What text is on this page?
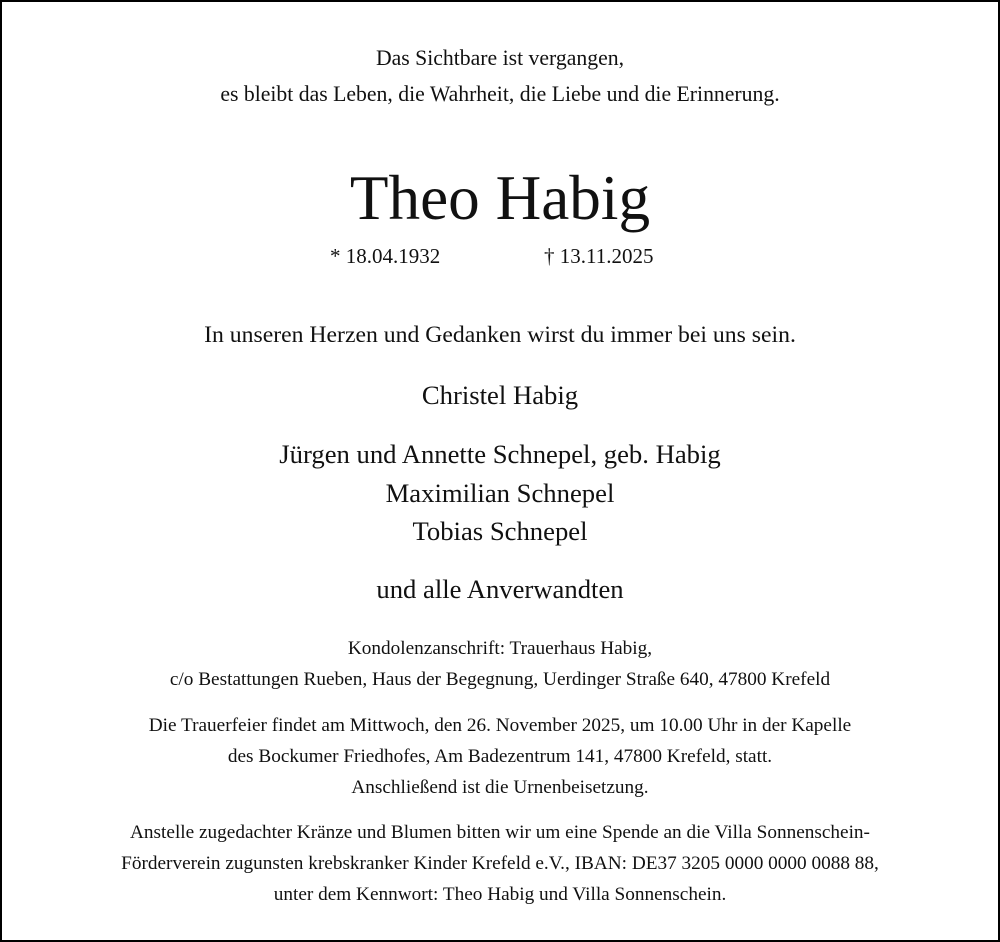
Das Sichtbare ist vergangen,
es bleibt das Leben, die Wahrheit, die Liebe und die Erinnerung.
Theo Habig
* 18.04.1932	† 13.11.2025
In unseren Herzen und Gedanken wirst du immer bei uns sein.
Christel Habig
Jürgen und Annette Schnepel, geb. Habig
Maximilian Schnepel
Tobias Schnepel
und alle Anverwandten
Kondolenzanschrift: Trauerhaus Habig,
c/o Bestattungen Rueben, Haus der Begegnung, Uerdinger Straße 640, 47800 Krefeld
Die Trauerfeier findet am Mittwoch, den 26. November 2025, um 10.00 Uhr in der Kapelle
des Bockumer Friedhofes, Am Badezentrum 141, 47800 Krefeld, statt.
Anschließend ist die Urnenbeisetzung.
Anstelle zugedachter Kränze und Blumen bitten wir um eine Spende an die Villa Sonnenschein-
Förderverein zugunsten krebskranker Kinder Krefeld e.V., IBAN: DE37 3205 0000 0000 0088 88,
unter dem Kennwort: Theo Habig und Villa Sonnenschein.
